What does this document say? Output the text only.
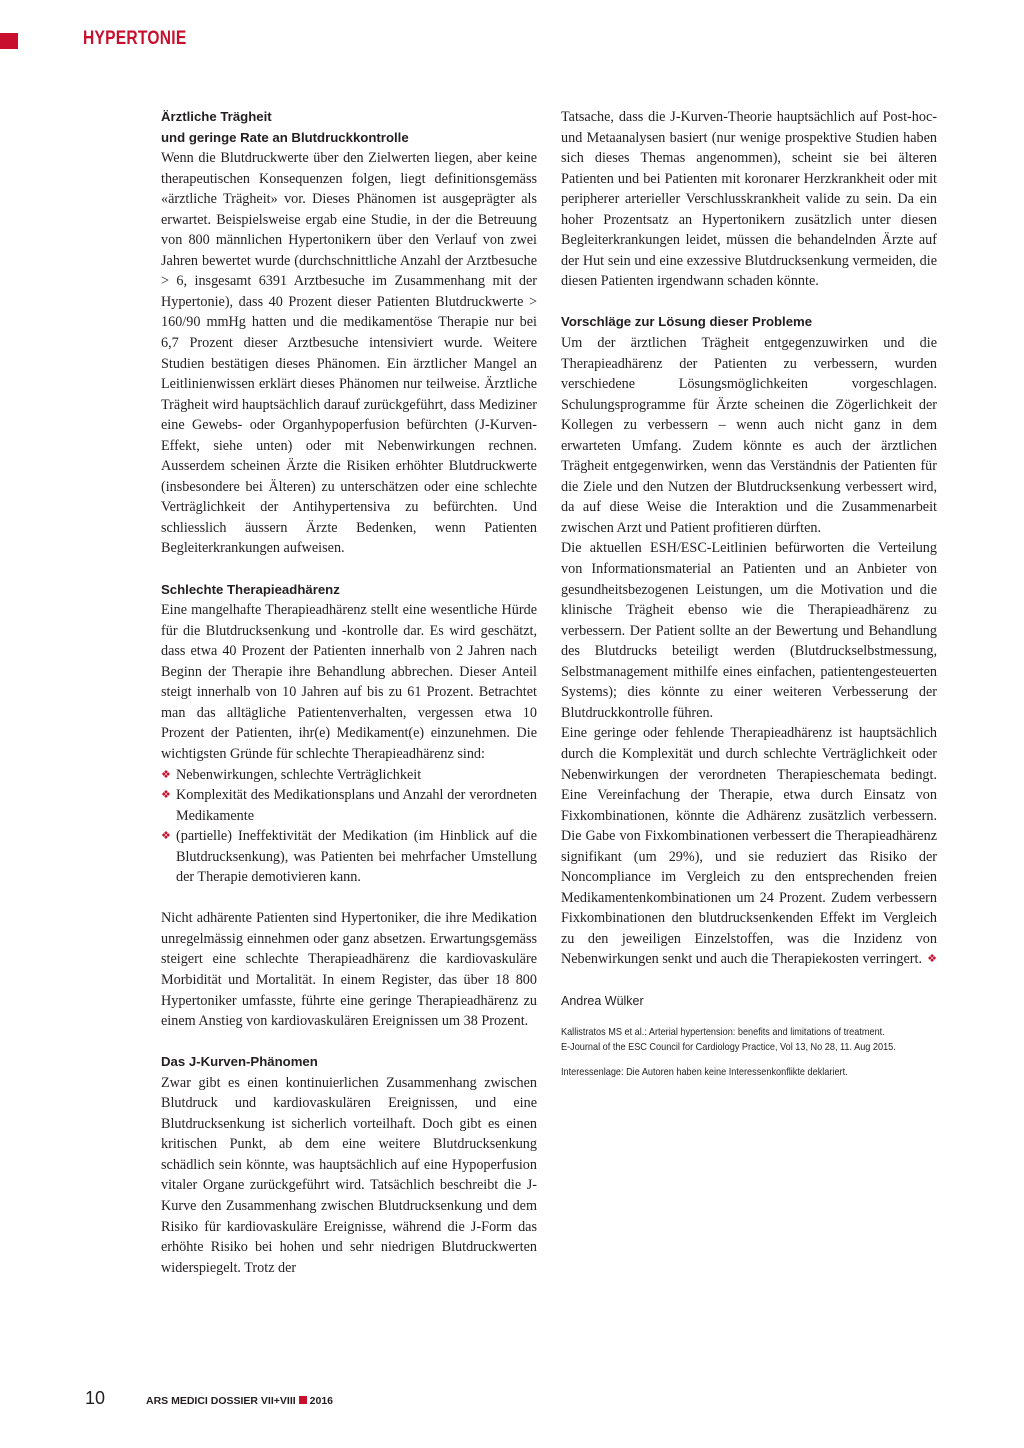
HYPERTONIE
Ärztliche Trägheit
und geringe Rate an Blutdruckkontrolle

Wenn die Blutdruckwerte über den Zielwerten liegen, aber keine therapeutischen Konsequenzen folgen, liegt definitionsgemäss «ärztliche Trägheit» vor. Dieses Phänomen ist ausgeprägter als erwartet. Beispielsweise ergab eine Studie, in der die Betreuung von 800 männlichen Hypertonikern über den Verlauf von zwei Jahren bewertet wurde (durchschnittliche Anzahl der Arztbesuche > 6, insgesamt 6391 Arztbesuche im Zusammenhang mit der Hypertonie), dass 40 Prozent dieser Patienten Blutdruckwerte > 160/90 mmHg hatten und die medikamentöse Therapie nur bei 6,7 Prozent dieser Arztbesuche intensiviert wurde. Weitere Studien bestätigen dieses Phänomen. Ein ärztlicher Mangel an Leitlinienwissen erklärt dieses Phänomen nur teilweise. Ärztliche Trägheit wird hauptsächlich darauf zurückgeführt, dass Mediziner eine Gewebs- oder Organhypoperfusion befürchten (J-Kurven-Effekt, siehe unten) oder mit Nebenwirkungen rechnen. Ausserdem scheinen Ärzte die Risiken erhöhter Blutdruckwerte (insbesondere bei Älteren) zu unterschätzen oder eine schlechte Verträglichkeit der Antihypertensiva zu befürchten. Und schliesslich äussern Ärzte Bedenken, wenn Patienten Begleiterkrankungen aufweisen.

Schlechte Therapieadhärenz

Eine mangelhafte Therapieadhärenz stellt eine wesentliche Hürde für die Blutdrucksenkung und -kontrolle dar. Es wird geschätzt, dass etwa 40 Prozent der Patienten innerhalb von 2 Jahren nach Beginn der Therapie ihre Behandlung abbrechen. Dieser Anteil steigt innerhalb von 10 Jahren auf bis zu 61 Prozent. Betrachtet man das alltägliche Patientenverhalten, vergessen etwa 10 Prozent der Patienten, ihr(e) Medikament(e) einzunehmen. Die wichtigsten Gründe für schlechte Therapieadhärenz sind:

❖ Nebenwirkungen, schlechte Verträglichkeit
❖ Komplexität des Medikationsplans und Anzahl der verordneten Medikamente
❖ (partielle) Ineffektivität der Medikation (im Hinblick auf die Blutdrucksenkung), was Patienten bei mehrfacher Umstellung der Therapie demotivieren kann.

Nicht adhärente Patienten sind Hypertoniker, die ihre Medikation unregelmässig einnehmen oder ganz absetzen. Erwartungsgemäss steigert eine schlechte Therapieadhärenz die kardiovaskuläre Morbidität und Mortalität. In einem Register, das über 18 800 Hypertoniker umfasste, führte eine geringe Therapieadhärenz zu einem Anstieg von kardiovaskulären Ereignissen um 38 Prozent.

Das J-Kurven-Phänomen

Zwar gibt es einen kontinuierlichen Zusammenhang zwischen Blutdruck und kardiovaskulären Ereignissen, und eine Blutdrucksenkung ist sicherlich vorteilhaft. Doch gibt es einen kritischen Punkt, ab dem eine weitere Blutdrucksenkung schädlich sein könnte, was hauptsächlich auf eine Hypoperfusion vitaler Organe zurückgeführt wird. Tatsächlich beschreibt die J-Kurve den Zusammenhang zwischen Blutdrucksenkung und dem Risiko für kardiovaskuläre Ereignisse, während die J-Form das erhöhte Risiko bei hohen und sehr niedrigen Blutdruckwerten widerspiegelt. Trotz der

Tatsache, dass die J-Kurven-Theorie hauptsächlich auf Post-hoc- und Metaanalysen basiert (nur wenige prospektive Studien haben sich dieses Themas angenommen), scheint sie bei älteren Patienten und bei Patienten mit koronarer Herzkrankheit oder mit peripherer arterieller Verschlusskrankheit valide zu sein. Da ein hoher Prozentsatz an Hypertonikern zusätzlich unter diesen Begleiterkrankungen leidet, müssen die behandelnden Ärzte auf der Hut sein und eine exzessive Blutdrucksenkung vermeiden, die diesen Patienten irgendwann schaden könnte.

Vorschläge zur Lösung dieser Probleme

Um der ärztlichen Trägheit entgegenzuwirken und die Therapieadhärenz der Patienten zu verbessern, wurden verschiedene Lösungsmöglichkeiten vorgeschlagen. Schulungsprogramme für Ärzte scheinen die Zögerlichkeit der Kollegen zu verbessern – wenn auch nicht ganz in dem erwarteten Umfang. Zudem könnte es auch der ärztlichen Trägheit entgegenwirken, wenn das Verständnis der Patienten für die Ziele und den Nutzen der Blutdrucksenkung verbessert wird, da auf diese Weise die Interaktion und die Zusammenarbeit zwischen Arzt und Patient profitieren dürften.

Die aktuellen ESH/ESC-Leitlinien befürworten die Verteilung von Informationsmaterial an Patienten und an Anbieter von gesundheitsbezogenen Leistungen, um die Motivation und die klinische Trägheit ebenso wie die Therapieadhärenz zu verbessern. Der Patient sollte an der Bewertung und Behandlung des Blutdrucks beteiligt werden (Blutdruckselbstmessung, Selbstmanagement mithilfe eines einfachen, patientengesteuerten Systems); dies könnte zu einer weiteren Verbesserung der Blutdruckkontrolle führen.

Eine geringe oder fehlende Therapieadhärenz ist hauptsächlich durch die Komplexität und durch schlechte Verträglichkeit oder Nebenwirkungen der verordneten Therapieschemata bedingt. Eine Vereinfachung der Therapie, etwa durch Einsatz von Fixkombinationen, könnte die Adhärenz zusätzlich verbessern. Die Gabe von Fixkombinationen verbessert die Therapieadhärenz signifikant (um 29%), und sie reduziert das Risiko der Noncompliance im Vergleich zu den entsprechenden freien Medikamentenkombinationen um 24 Prozent. Zudem verbessern Fixkombinationen den blutdrucksenkenden Effekt im Vergleich zu den jeweiligen Einzelstoffen, was die Inzidenz von Nebenwirkungen senkt und auch die Therapiekosten verringert. ❖

Andrea Wülker
Kallistratos MS et al.: Arterial hypertension: benefits and limitations of treatment.
E-Journal of the ESC Council for Cardiology Practice, Vol 13, No 28, 11. Aug 2015.
Interessenlage: Die Autoren haben keine Interessenkonflikte deklariert.
10	ARS MEDICI DOSSIER VII+VIII 2016
